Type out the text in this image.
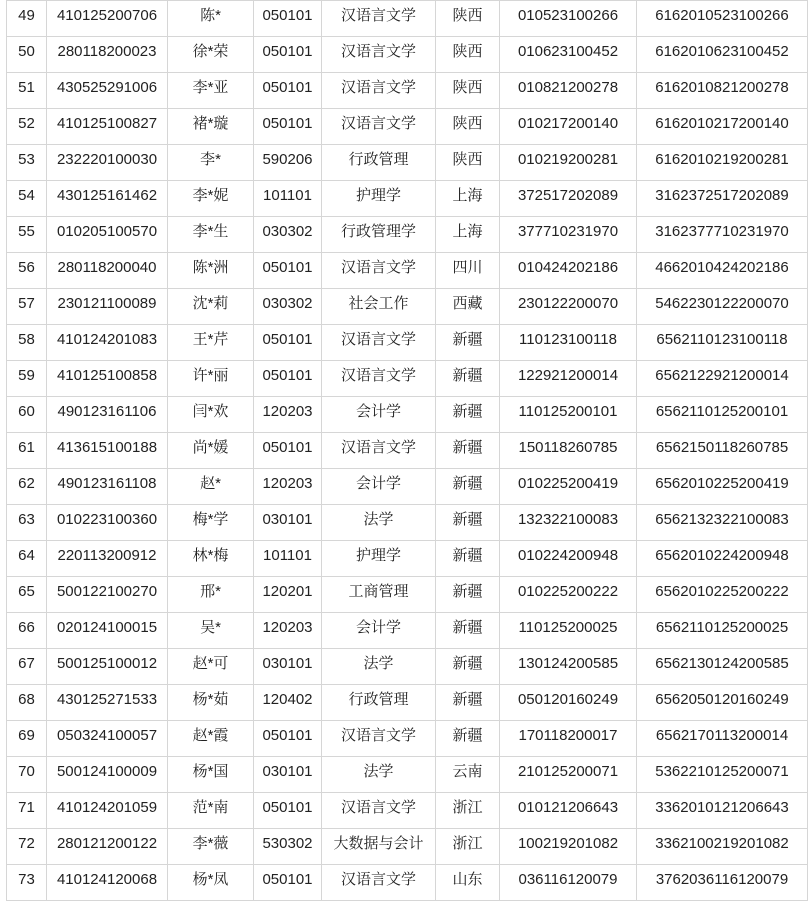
49	410125200706	陈*	050101	汉语言文学	陕西	010523100266	6162010523100266
50	280118200023	徐*荣	050101	汉语言文学	陕西	010623100452	6162010623100452
51	430525291006	李*亚	050101	汉语言文学	陕西	010821200278	6162010821200278
52	410125100827	褚*璇	050101	汉语言文学	陕西	010217200140	6162010217200140
53	232220100030	李*	590206	行政管理	陕西	010219200281	6162010219200281
54	430125161462	李*妮	101101	护理学	上海	372517202089	3162372517202089
55	010205100570	李*生	030302	行政管理学	上海	377710231970	3162377710231970
56	280118200040	陈*洲	050101	汉语言文学	四川	010424202186	4662010424202186
57	230121100089	沈*莉	030302	社会工作	西藏	230122200070	5462230122200070
58	410124201083	王*芹	050101	汉语言文学	新疆	110123100118	6562110123100118
59	410125100858	许*丽	050101	汉语言文学	新疆	122921200014	6562122921200014
60	490123161106	闫*欢	120203	会计学	新疆	110125200101	6562110125200101
61	413615100188	尚*媛	050101	汉语言文学	新疆	150118260785	6562150118260785
62	490123161108	赵*	120203	会计学	新疆	010225200419	6562010225200419
63	010223100360	梅*学	030101	法学	新疆	132322100083	6562132322100083
64	220113200912	林*梅	101101	护理学	新疆	010224200948	6562010224200948
65	500122100270	邢*	120201	工商管理	新疆	010225200222	6562010225200222
66	020124100015	吴*	120203	会计学	新疆	110125200025	6562110125200025
67	500125100012	赵*可	030101	法学	新疆	130124200585	6562130124200585
68	430125271533	杨*茹	120402	行政管理	新疆	050120160249	6562050120160249
69	050324100057	赵*霞	050101	汉语言文学	新疆	170118200017	6562170113200014
70	500124100009	杨*国	030101	法学	云南	210125200071	5362210125200071
71	410124201059	范*南	050101	汉语言文学	浙江	010121206643	3362010121206643
72	280121200122	李*薇	530302	大数据与会计	浙江	100219201082	3362100219201082
73	410124120068	杨*凤	050101	汉语言文学	山东	036116120079	3762036116120079
